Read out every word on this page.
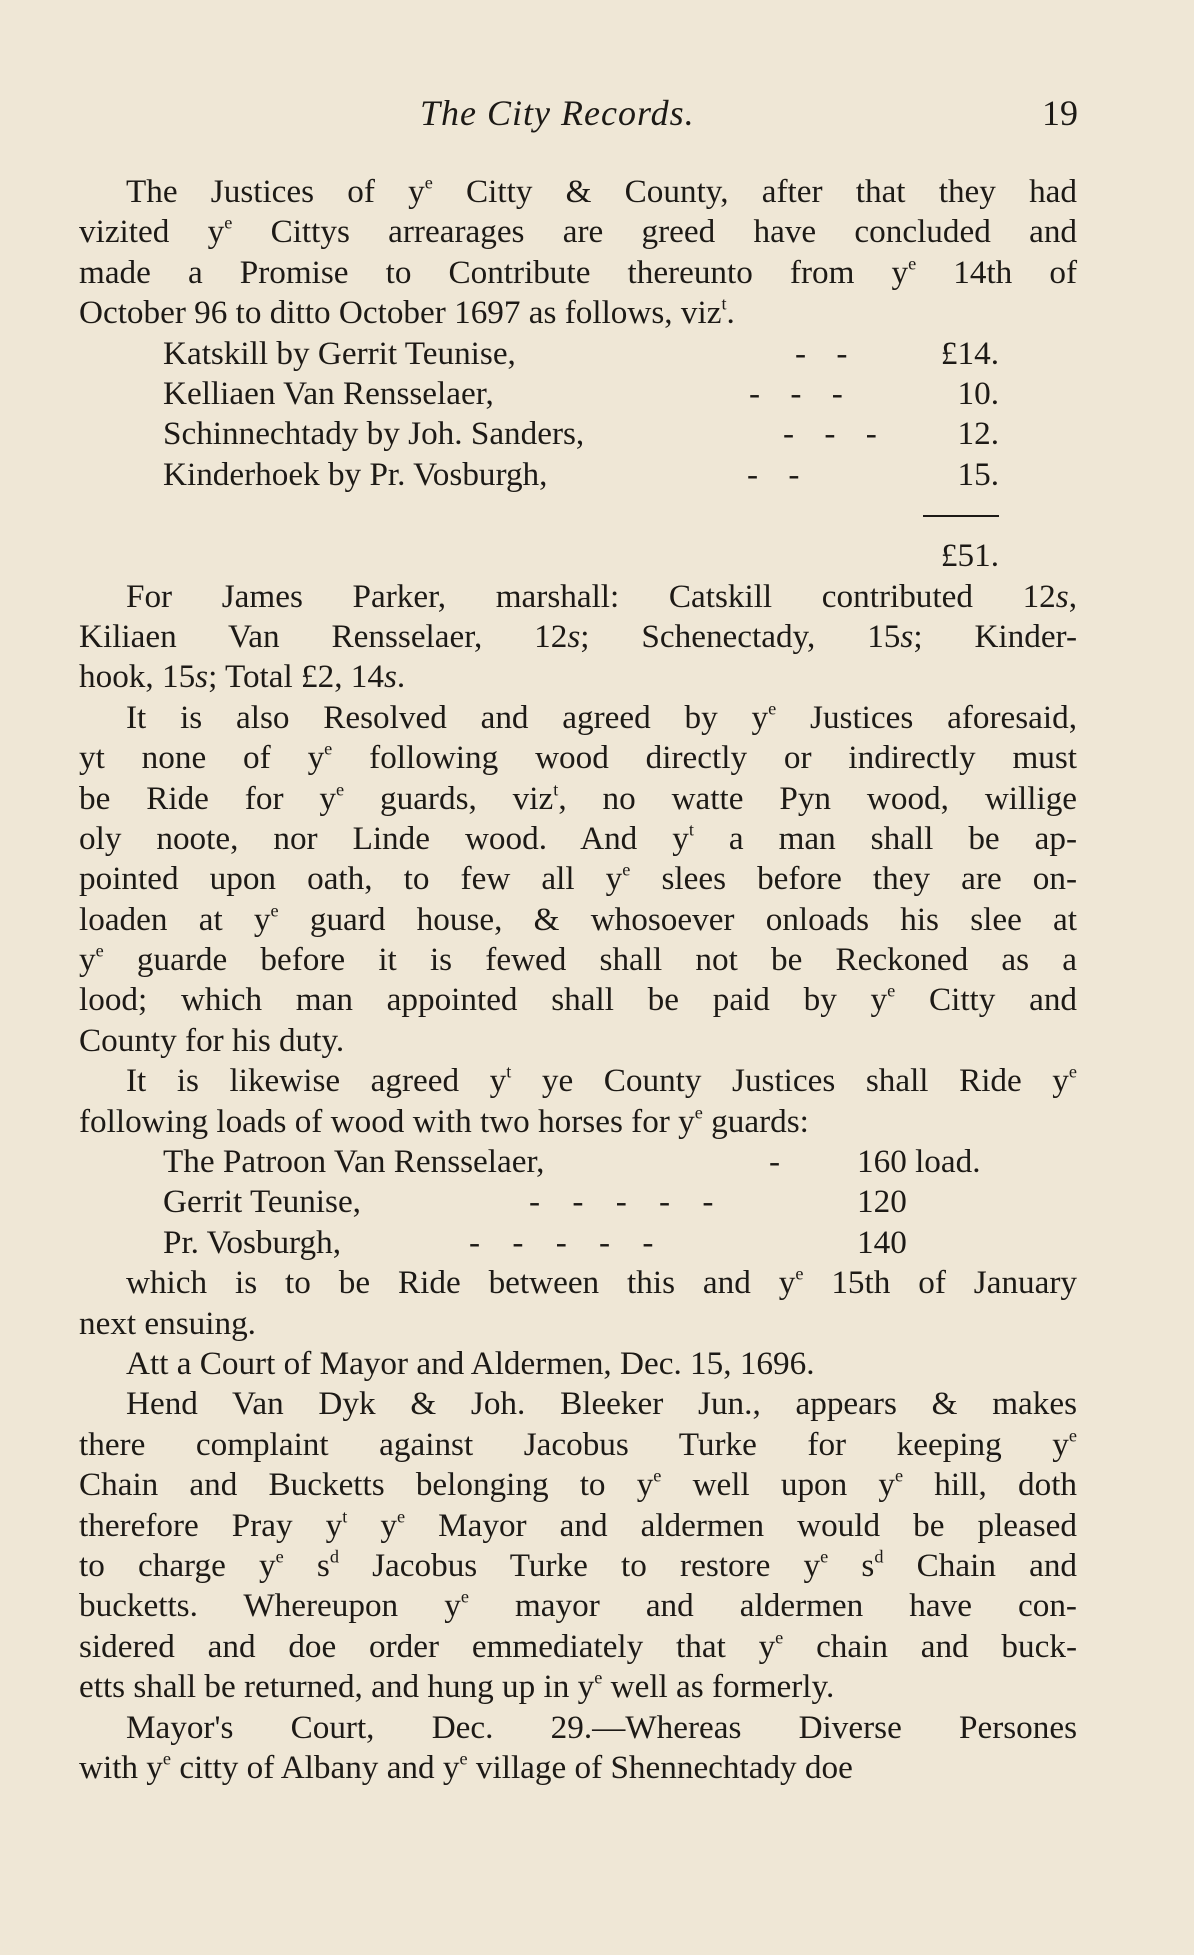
The City Records.	19
The Justices of $y^e$ Citty & County, after that they had
vizited $y^e$ Cittys arrearages are greed have concluded and
made a Promise to Contribute thereunto from $y^e$ 14th of
October 96 to ditto October 1697 as follows, viz$^t$.
Katskill by Gerrit Teunise,	- -	£14.
Kelliaen Van Rensselaer,	- - -	10.
Schinnechtady by Joh. Sanders,	- - - 12.
Kinderhoek by Pr. Vosburgh,	- -	15.
£51.
For James Parker, marshall: Catskill contributed 12s,
Kiliaen Van Rensselaer, 12s; Schenectady, 15s; Kinder-
hook, 15s; Total £2, 14s.
It is also Resolved and agreed by $y^e$ Justices aforesaid,
yt none of $y^e$ following wood directly or indirectly must
be Ride for $y^e$ guards, viz$^t$, no watte Pyn wood, willige
oly noote, nor Linde wood. And $y^t$ a man shall be ap-
pointed upon oath, to few all $y^e$ slees before they are on-
loaden at $y^e$ guard house, & whosoever onloads his slee at
$y^e$ guarde before it is fewed shall not be Reckoned as a
lood; which man appointed shall be paid by $y^e$ Citty and
County for his duty.
It is likewise agreed $y^t$ ye County Justices shall Ride $y^e$
following loads of wood with two horses for $y^e$ guards:
The Patroon Van Rensselaer,	- 160 load.
Gerrit Teunise,	- - - - -	120
Pr. Vosburgh,	- - - - -	140
which is to be Ride between this and $y^e$ 15th of January
next ensuing.
Att a Court of Mayor and Aldermen, Dec. 15, 1696.
Hend Van Dyk & Joh. Bleeker Jun., appears & makes
there complaint against Jacobus Turke for keeping $y^e$
Chain and Bucketts belonging to $y^e$ well upon $y^e$ hill, doth
therefore Pray $y^t$ $y^e$ Mayor and aldermen would be pleased
to charge $y^e$ $s^d$ Jacobus Turke to restore $y^e$ $s^d$ Chain and
bucketts. Whereupon $y^e$ mayor and aldermen have con-
sidered and doe order emmediately that $y^e$ chain and buck-
etts shall be returned, and hung up in $y^e$ well as formerly.
Mayor's Court, Dec. 29.—Whereas Diverse Persones
with $y^e$ citty of Albany and $y^e$ village of Shennechtady doe
